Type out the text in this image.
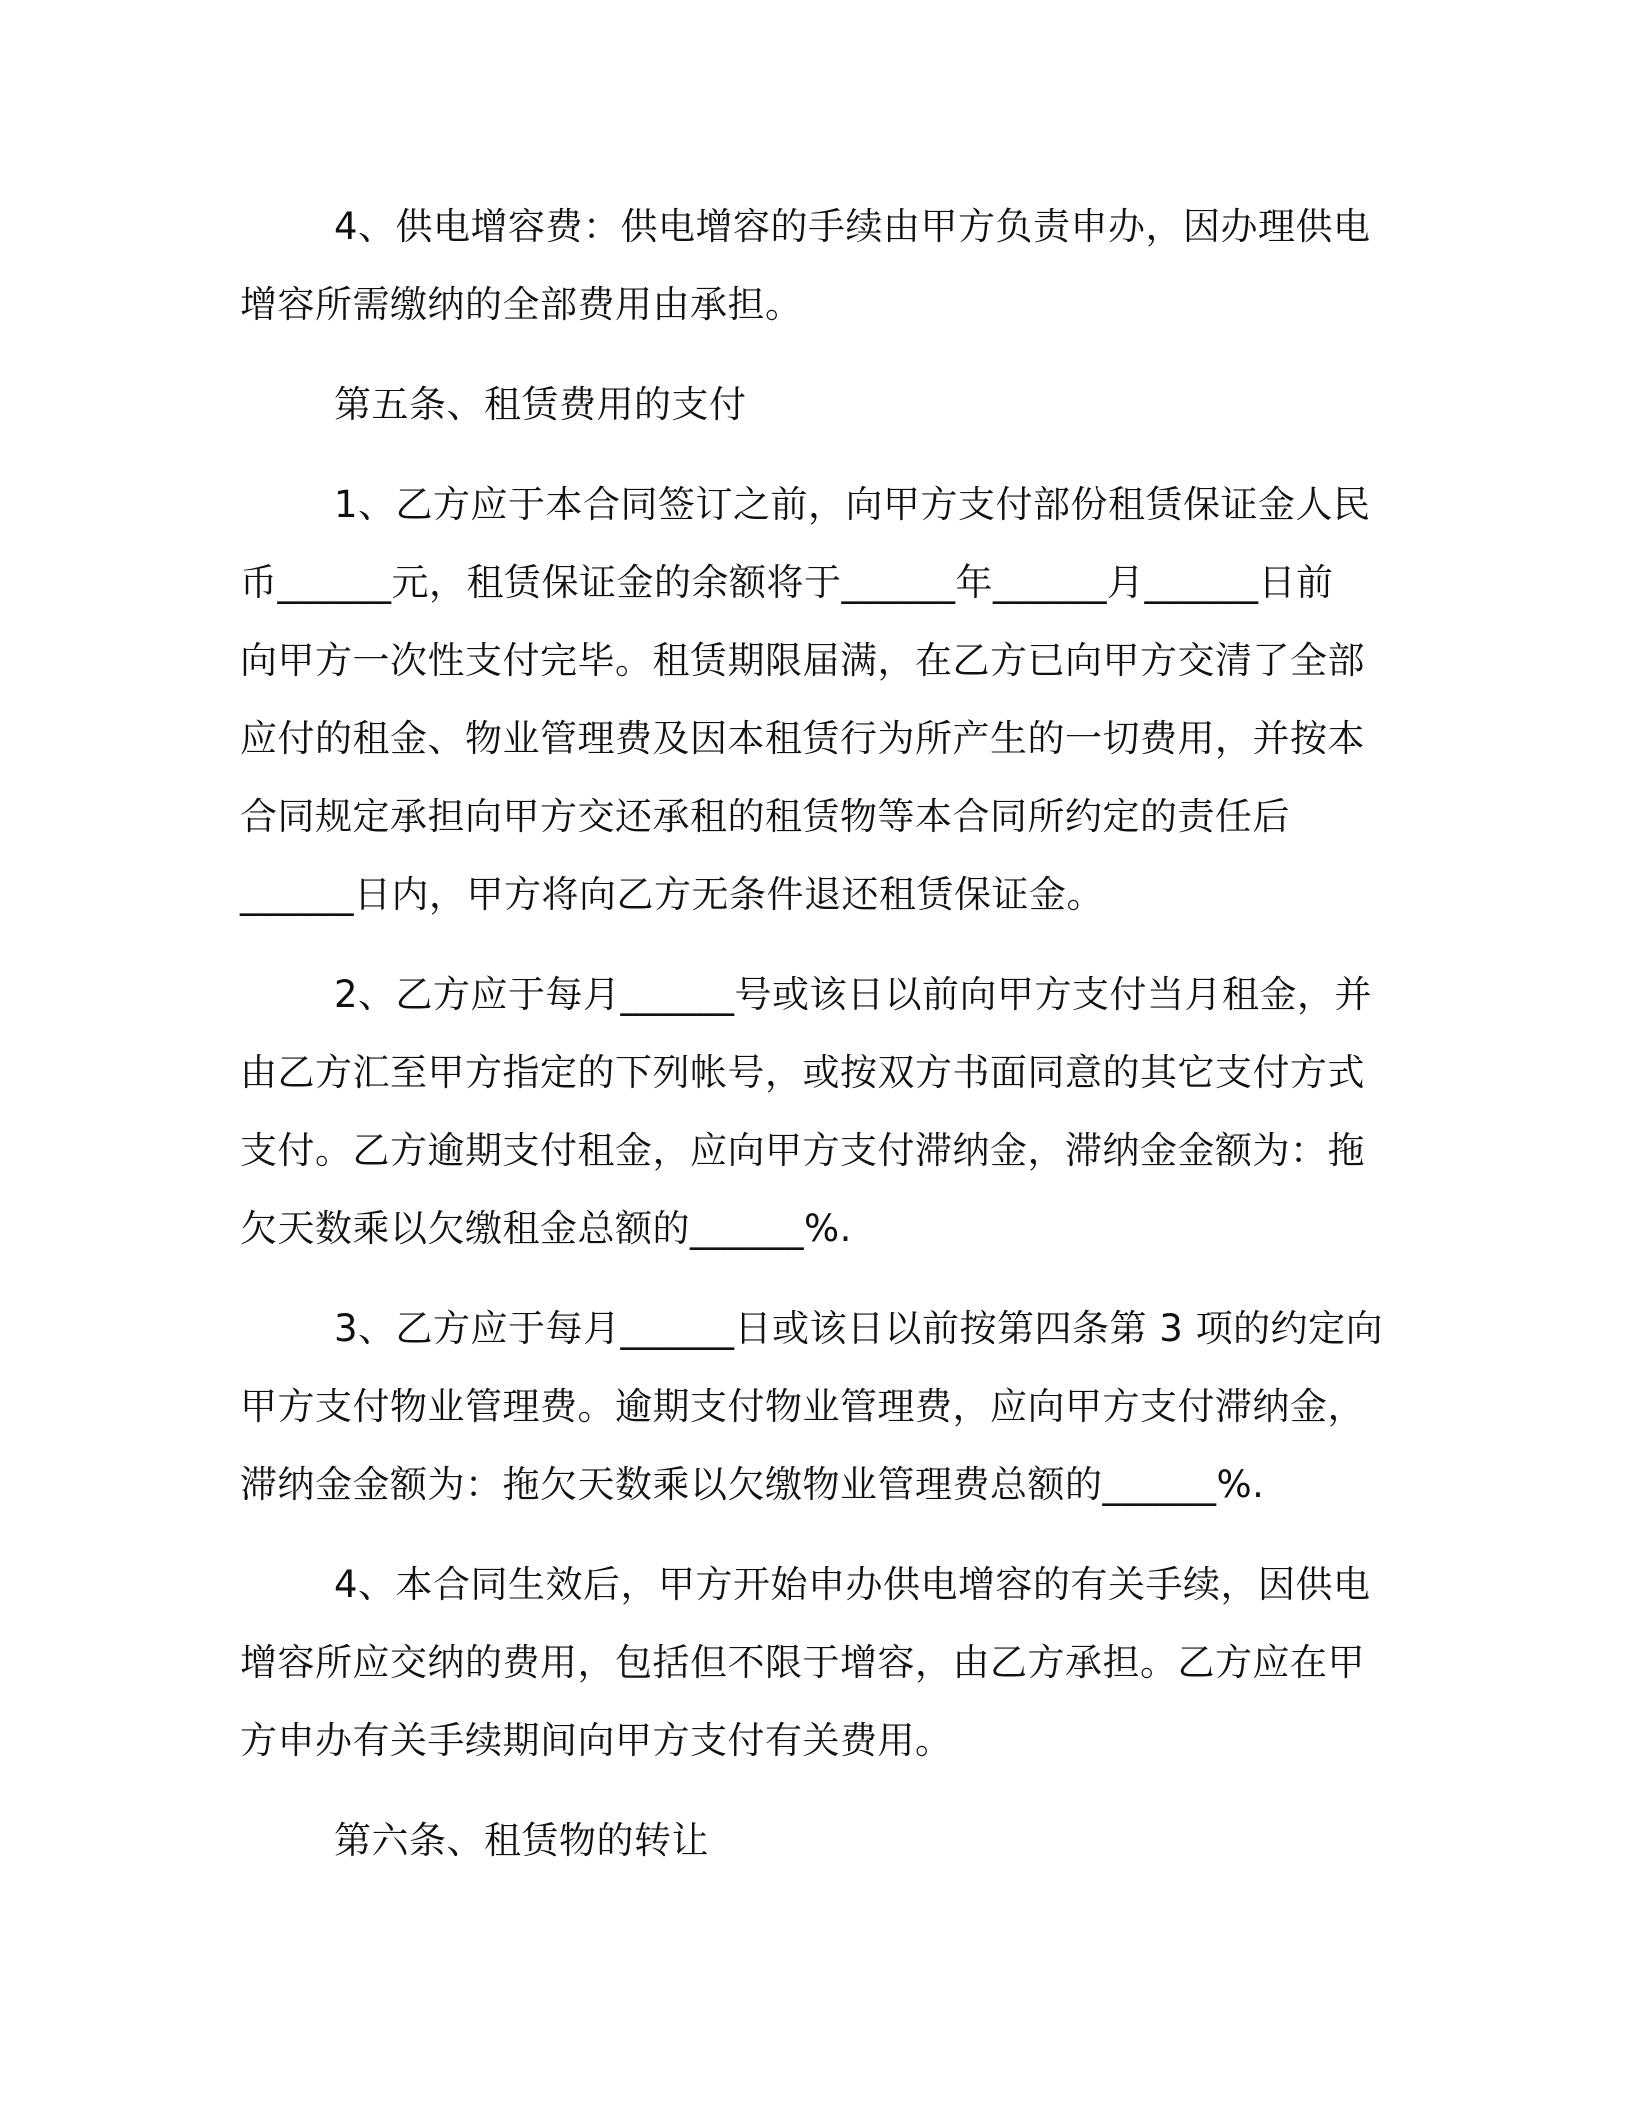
4、供电增容费：供电增容的手续由甲方负责申办，因办理供电
增容所需缴纳的全部费用由承担。
第五条、租赁费用的支付
1、乙方应于本合同签订之前，向甲方支付部份租赁保证金人民
币______元，租赁保证金的余额将于______年______月______日前
向甲方一次性支付完毕。租赁期限届满，在乙方已向甲方交清了全部
应付的租金、物业管理费及因本租赁行为所产生的一切费用，并按本
合同规定承担向甲方交还承租的租赁物等本合同所约定的责任后
______日内，甲方将向乙方无条件退还租赁保证金。
2、乙方应于每月______号或该日以前向甲方支付当月租金，并
由乙方汇至甲方指定的下列帐号，或按双方书面同意的其它支付方式
支付。乙方逾期支付租金，应向甲方支付滞纳金，滞纳金金额为：拖
欠天数乘以欠缴租金总额的______%.
3、乙方应于每月______日或该日以前按第四条第 3 项的约定向
甲方支付物业管理费。逾期支付物业管理费，应向甲方支付滞纳金，
滞纳金金额为：拖欠天数乘以欠缴物业管理费总额的______%.
4、本合同生效后，甲方开始申办供电增容的有关手续，因供电
增容所应交纳的费用，包括但不限于增容，由乙方承担。乙方应在甲
方申办有关手续期间向甲方支付有关费用。
第六条、租赁物的转让
